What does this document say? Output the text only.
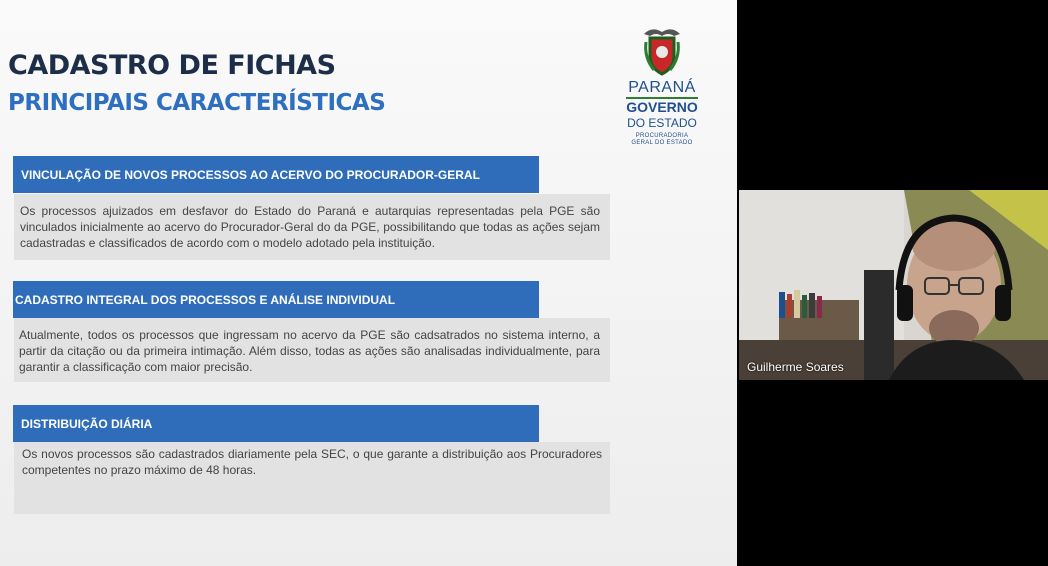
CADASTRO DE FICHAS
PRINCIPAIS CARACTERÍSTICAS
PARANÁ
GOVERNO
DO ESTADO
PROCURADORIA
GERAL DO ESTADO
VINCULAÇÃO DE NOVOS PROCESSOS AO ACERVO DO PROCURADOR-GERAL
Os processos ajuizados em desfavor do Estado do Paraná e autarquias representadas pela PGE são vinculados inicialmente ao acervo do Procurador-Geral do da PGE, possibilitando que todas as ações sejam cadastradas e classificados de acordo com o modelo adotado pela instituição.
CADASTRO INTEGRAL DOS PROCESSOS E ANÁLISE INDIVIDUAL
Atualmente, todos os processos que ingressam no acervo da PGE são cadsatrados no sistema interno, a partir da citação ou da primeira intimação. Além disso, todas as ações são analisadas individualmente, para garantir a classificação com maior precisão.
DISTRIBUIÇÃO DIÁRIA
Os novos processos são cadastrados diariamente pela SEC, o que garante a distribuição aos Procuradores competentes no prazo máximo de 48 horas.
Guilherme Soares
